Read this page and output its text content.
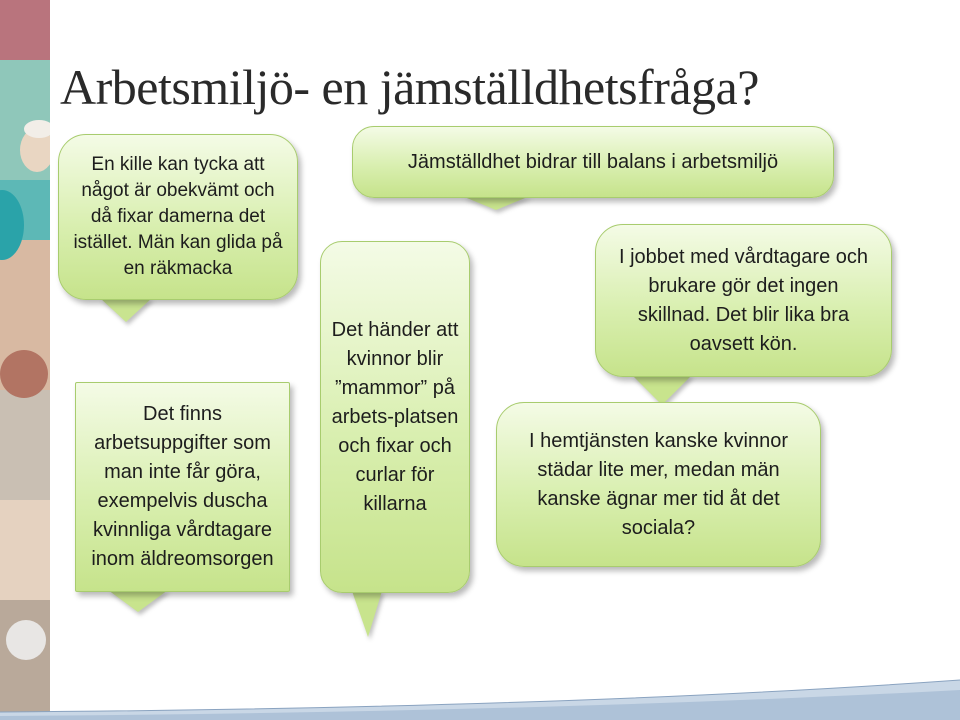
Arbetsmiljö- en jämställdhetsfråga?
En kille kan tycka att något är obekvämt och då fixar damerna det istället. Män kan glida på en räkmacka
Det finns arbetsuppgifter som man inte får göra, exempelvis duscha kvinnliga vårdtagare inom äldreomsorgen
Jämställdhet bidrar till balans i arbetsmiljö
Det händer att kvinnor blir ”mammor” på arbets-platsen och fixar och curlar för killarna
I jobbet med vårdtagare och brukare gör det ingen skillnad. Det blir lika bra oavsett kön.
I hemtjänsten kanske kvinnor städar lite mer, medan män kanske ägnar mer tid åt det sociala?
